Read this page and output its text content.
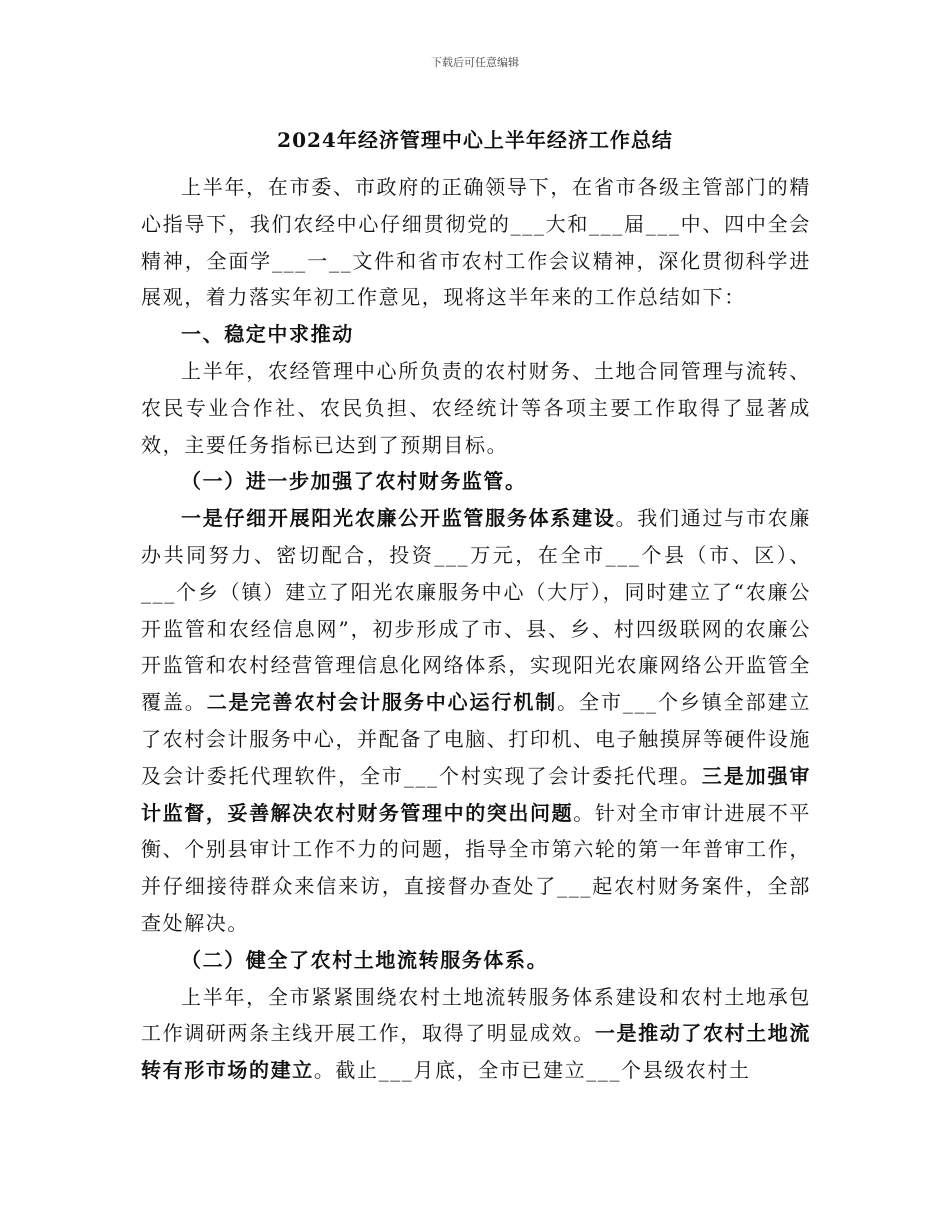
下载后可任意编辑
2024年经济管理中心上半年经济工作总结

上半年，在市委、市政府的正确领导下，在省市各级主管部门的精心指导下，我们农经中心仔细贯彻党的___大和___届___中、四中全会精神，全面学___一__文件和省市农村工作会议精神，深化贯彻科学进展观，着力落实年初工作意见，现将这半年来的工作总结如下：

一、稳定中求推动

上半年，农经管理中心所负责的农村财务、土地合同管理与流转、农民专业合作社、农民负担、农经统计等各项主要工作取得了显著成效，主要任务指标已达到了预期目标。

（一）进一步加强了农村财务监管。

一是仔细开展阳光农廉公开监管服务体系建设。我们通过与市农廉办共同努力、密切配合，投资___万元，在全市___个县（市、区）、___个乡（镇）建立了阳光农廉服务中心（大厅），同时建立了“农廉公开监管和农经信息网”，初步形成了市、县、乡、村四级联网的农廉公开监管和农村经营管理信息化网络体系，实现阳光农廉网络公开监管全覆盖。二是完善农村会计服务中心运行机制。全市___个乡镇全部建立了农村会计服务中心，并配备了电脑、打印机、电子触摸屏等硬件设施及会计委托代理软件，全市___个村实现了会计委托代理。三是加强审计监督，妥善解决农村财务管理中的突出问题。针对全市审计进展不平衡、个别县审计工作不力的问题，指导全市第六轮的第一年普审工作，并仔细接待群众来信来访，直接督办查处了___起农村财务案件，全部查处解决。

（二）健全了农村土地流转服务体系。

上半年，全市紧紧围绕农村土地流转服务体系建设和农村土地承包工作调研两条主线开展工作，取得了明显成效。一是推动了农村土地流转有形市场的建立。截止___月底，全市已建立___个县级农村土
